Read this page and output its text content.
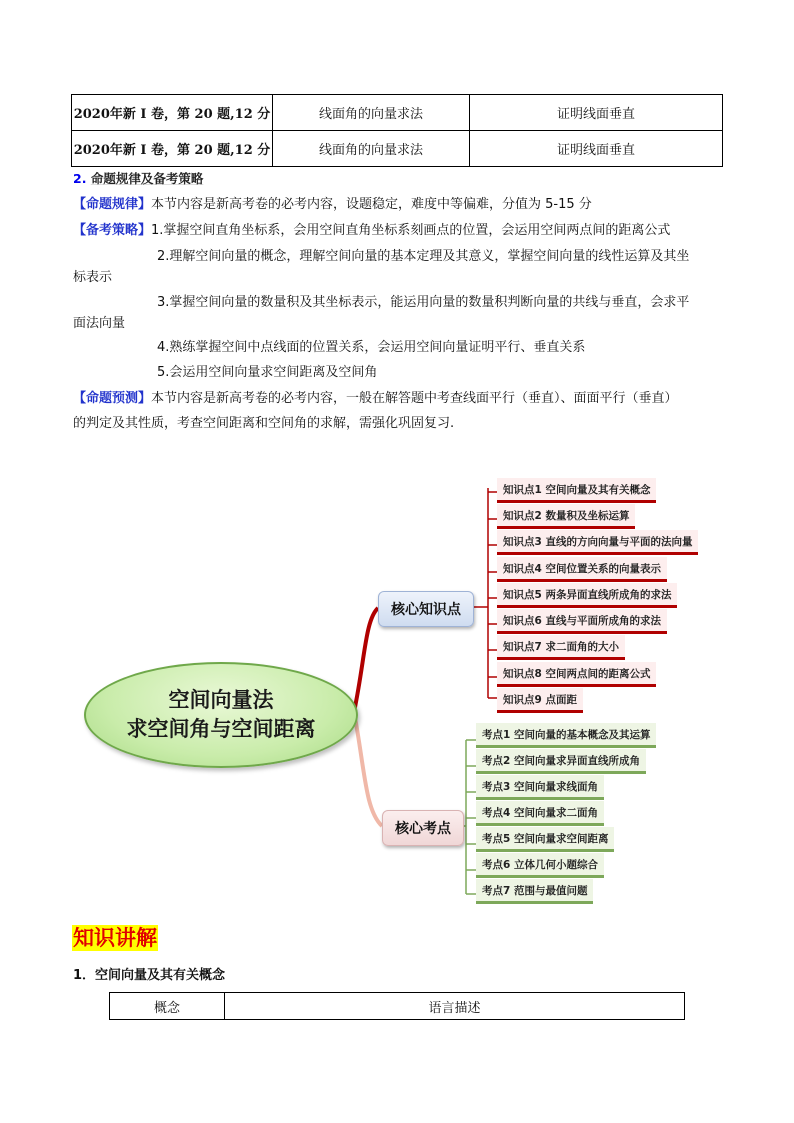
2020年新 I 卷，第 20 题,12 分	线面角的向量求法	证明线面垂直
2020年新 I 卷，第 20 题,12 分	线面角的向量求法	证明线面垂直
2. 命题规律及备考策略
【命题规律】本节内容是新高考卷的必考内容，设题稳定，难度中等偏难，分值为 5-15 分
【备考策略】1.掌握空间直角坐标系，会用空间直角坐标系刻画点的位置，会运用空间两点间的距离公式
2.理解空间向量的概念，理解空间向量的基本定理及其意义，掌握空间向量的线性运算及其坐
标表示
3.掌握空间向量的数量积及其坐标表示，能运用向量的数量积判断向量的共线与垂直，会求平
面法向量
4.熟练掌握空间中点线面的位置关系，会运用空间向量证明平行、垂直关系
5.会运用空间向量求空间距离及空间角
【命题预测】本节内容是新高考卷的必考内容，一般在解答题中考查线面平行（垂直）、面面平行（垂直）
的判定及其性质，考查空间距离和空间角的求解，需强化巩固复习.
空间向量法
求空间角与空间距离
核心知识点
核心考点
知识点1 空间向量及其有关概念
知识点2 数量积及坐标运算
知识点3 直线的方向向量与平面的法向量
知识点4 空间位置关系的向量表示
知识点5 两条异面直线所成角的求法
知识点6 直线与平面所成角的求法
知识点7 求二面角的大小
知识点8 空间两点间的距离公式
知识点9 点面距
考点1 空间向量的基本概念及其运算
考点2 空间向量求异面直线所成角
考点3 空间向量求线面角
考点4 空间向量求二面角
考点5 空间向量求空间距离
考点6 立体几何小题综合
考点7 范围与最值问题
知识讲解
1．空间向量及其有关概念
概念	语言描述
